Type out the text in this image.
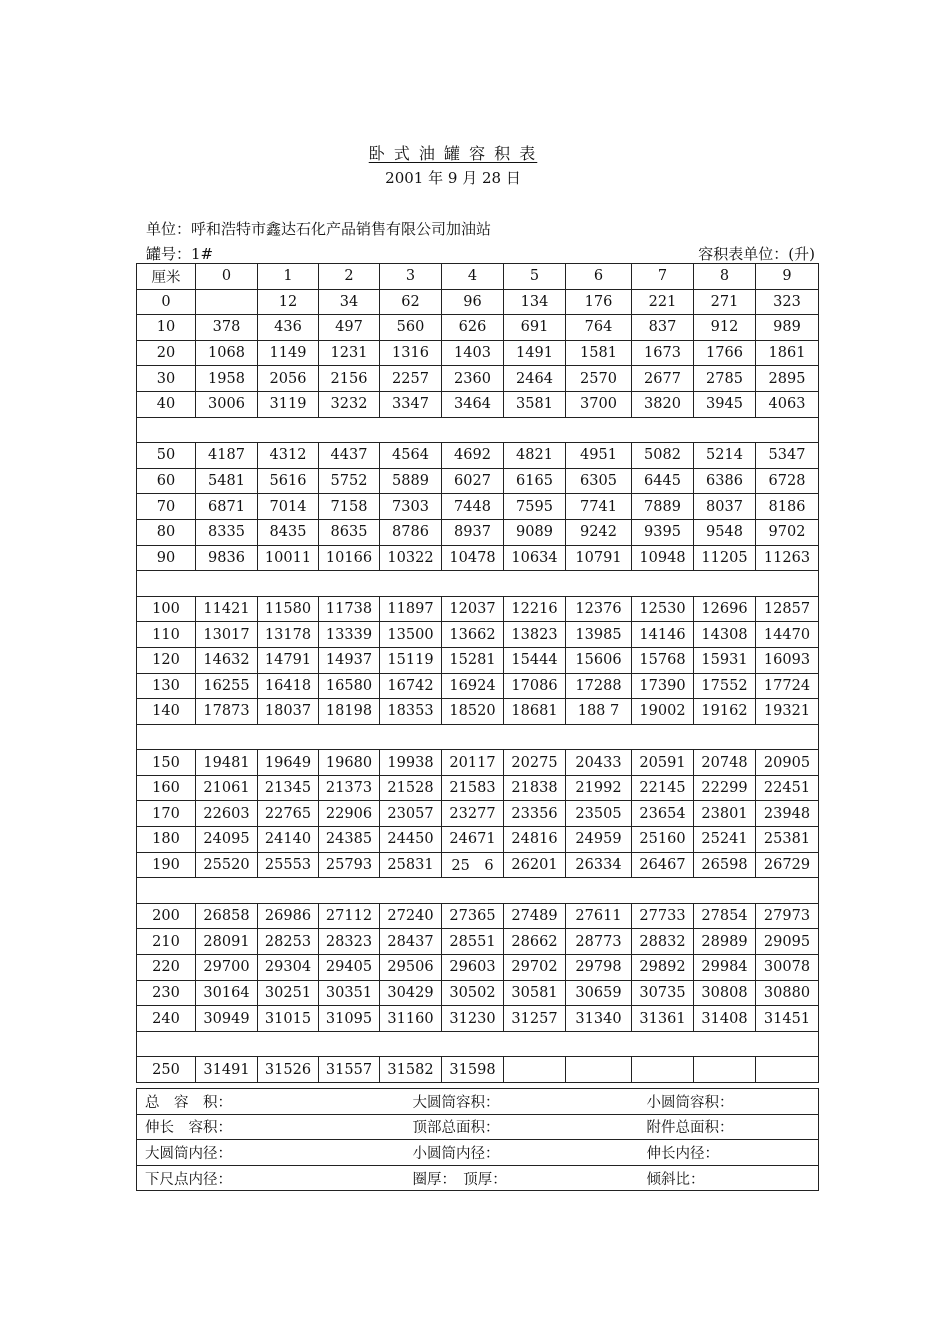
卧 式 油 罐 容 积 表
2001 年 9 月 28 日
单位：呼和浩特市鑫达石化产品销售有限公司加油站
罐号：1#	容积表单位：(升)
厘米	0	1	2	3	4	5	6	7	8	9
0		12	34	62	96	134	176	221	271	323
10	378	436	497	560	626	691	764	837	912	989
20	1068	1149	1231	1316	1403	1491	1581	1673	1766	1861
30	1958	2056	2156	2257	2360	2464	2570	2677	2785	2895
40	3006	3119	3232	3347	3464	3581	3700	3820	3945	4063

50	4187	4312	4437	4564	4692	4821	4951	5082	5214	5347
60	5481	5616	5752	5889	6027	6165	6305	6445	6386	6728
70	6871	7014	7158	7303	7448	7595	7741	7889	8037	8186
80	8335	8435	8635	8786	8937	9089	9242	9395	9548	9702
90	9836	10011	10166	10322	10478	10634	10791	10948	11205	11263

100	11421	11580	11738	11897	12037	12216	12376	12530	12696	12857
110	13017	13178	13339	13500	13662	13823	13985	14146	14308	14470
120	14632	14791	14937	15119	15281	15444	15606	15768	15931	16093
130	16255	16418	16580	16742	16924	17086	17288	17390	17552	17724
140	17873	18037	18198	18353	18520	18681	188 7	19002	19162	19321

150	19481	19649	19680	19938	20117	20275	20433	20591	20748	20905
160	21061	21345	21373	21528	21583	21838	21992	22145	22299	22451
170	22603	22765	22906	23057	23277	23356	23505	23654	23801	23948
180	24095	24140	24385	24450	24671	24816	24959	25160	25241	25381
190	25520	25553	25793	25831	25　6	26201	26334	26467	26598	26729

200	26858	26986	27112	27240	27365	27489	27611	27733	27854	27973
210	28091	28253	28323	28437	28551	28662	28773	28832	28989	29095
220	29700	29304	29405	29506	29603	29702	29798	29892	29984	30078
230	30164	30251	30351	30429	30502	30581	30659	30735	30808	30880
240	30949	31015	31095	31160	31230	31257	31340	31361	31408	31451

250	31491	31526	31557	31582	31598					
总　容　积：	大圆筒容积：	小圆筒容积：
伸长　容积：	顶部总面积：	附件总面积：
大圆筒内径：	小圆筒内径：	伸长内径：
下尺点内径：	圈厚：　顶厚：	倾斜比：
